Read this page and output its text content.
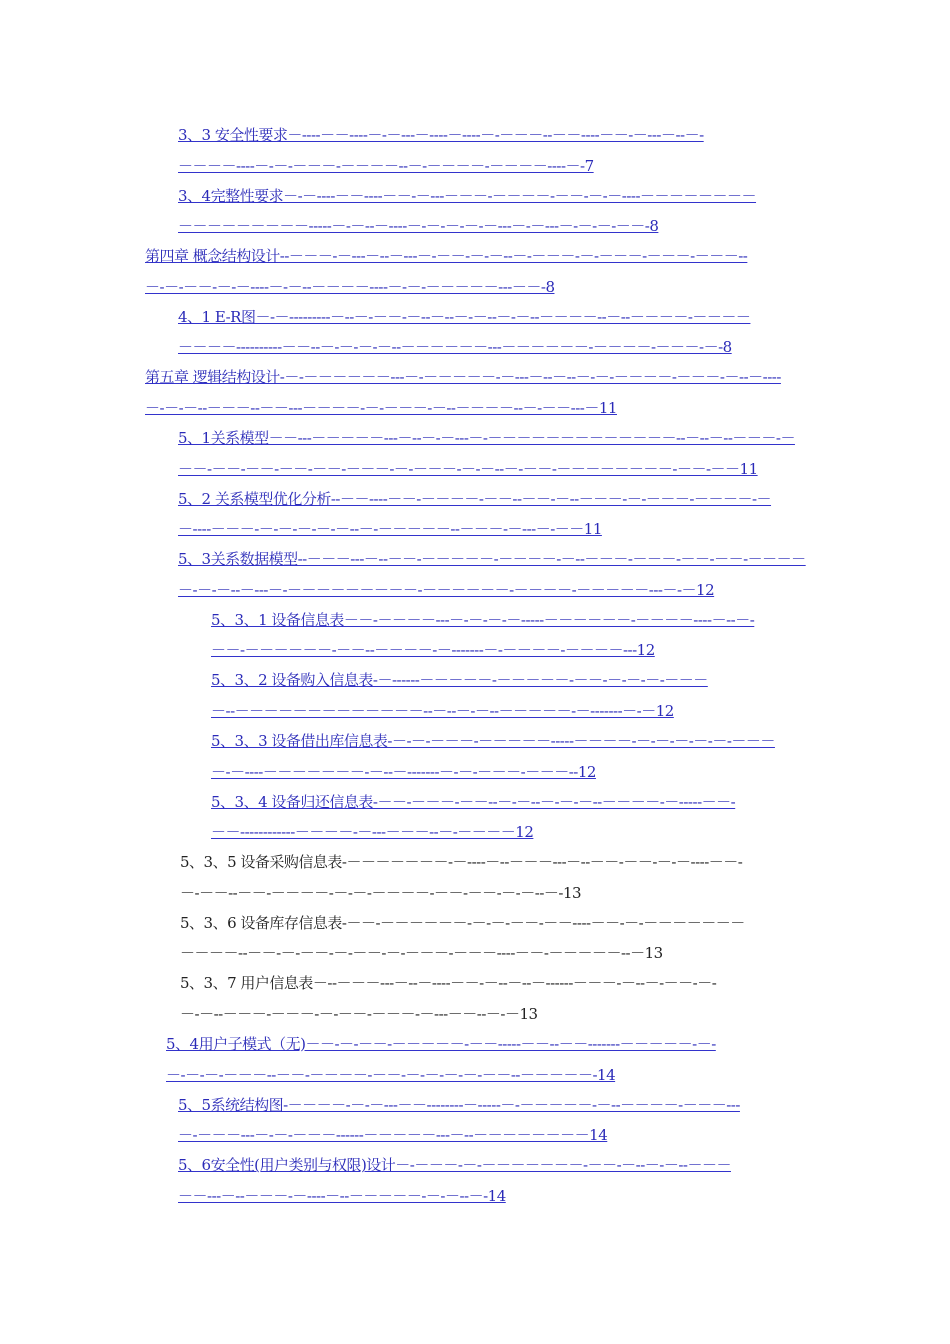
3、3 安全性要求－----－－----－-－---－----－----－-－－－--－－----－－-－---－--－-
－－－－----－-－-－－－-－－－－--－-－－－－-－－－－----－-7
3、4完整性要求－-－----－－----－－-－---－－－-－－－－-－－-－-－----－－－－－－－－
－－－－－－－－－-----－-－--－----－-－-－-－-－---－-－---－-－-－-－－-8
第四章 概念结构设计--－－－-－---－--－---－-－－-－-－--－-－－－-－-－－－-－－－-－－－--
－-－-－－-－-－----－-－--－－－－----－-－-－－－－－---－－-8
4、1 E-R图－-－---------－--－-－－-－--－--－-－--－-－--－－－－--－--－－－－-－－－－
－－－－----------－－--－-－-－-－--－－－－－－---－－－－－－-－－－－-－－－-－-8
第五章 逻辑结构设计-－-－－－－－－---－-－－－－－-－---－--－--－-－-－－－－-－－－-－--－----
－-－-－--－－－--－－---－－－－-－-－－－-－--－－－－--－-－－---－11
5、1关系模型－－---－－－－－---－--－-－---－-－－－－－－－－－－－－－--－--－--－－－-－
－－-－－-－－-－－-－－-－－－-－-－－－-－-－--－-－－-－－－－－－－－-－－-－－11
5、2 关系模型优化分析--－－----－－-－－－－-－－--－－-－--－－－-－-－－－-－－－－-－
－----－－－-－-－-－-－-－--－-－－－－－--－－－-－---－-－－11
5、3关系数据模型--－－－---－--－－-－－－－－-－－－－-－--－－－-－－－-－－-－－-－－－－
－-－-－--－---－-－－－－－－－－－-－－－－－－-－－－－-－－－－－---－-－12
5、3、1 设备信息表－－-－－－－---－-－-－-－-----－－－－－－-－－－－----－--－-
－－-－－－－－－-－－--－－－－-－-------－-－－－－-－－－－---12
5、3、2 设备购入信息表-－------－－－－－-－－－－－-－－-－-－-－-－－－
－--－－－－－－－－－－－－－--－--－-－--－－－－－-－-------－-－12
5、3、3 设备借出库信息表-－-－-－－－-－－－－－-----－－－－-－-－-－-－-－-－－－
－-－----－－－－－－－-－--－-------－-－-－－－-－－－--12
5、3、4 设备归还信息表-－－-－－－-－－--－-－--－-－-－--－－－－-－-----－－-
－－------------－－－－-－---－－－--－-－－－－12
5、3、5 设备采购信息表-－－－－－－－-－----－--－－－---－--－－-－－-－-－----－－-
－-－－--－－-－－－－-－-－-－－－－-－－-－－-－-－--－-13
5、3、6 设备库存信息表-－－-－－－－－－-－-－-－－-－－----－－-－-－－－－－－－
－－－－--－－-－-－－-－-－－-－-－－－-－－－----－－-－－－－－--－13
5、3、7 用户信息表－--－－－---－--－----－－-－--－--－------－－－-－--－-－－-－-
－-－--－－－-－－－-－-－－-－－－-－---－－--－-－13
5、4用户子模式（无)－－-－-－－-－－－－－-－－-----－－--－－-------－－－－－-－-
－-－-－-－－－--－－-－－－－-－－-－-－-－-－-－－--－－－－－-14
5、5系统结构图-－－－－-－-－---－－--------－-----－-－－－－－-－--－－－－-－－－---
－-－－－---－-－-－－－------－－－－－---－--－－－－－－－－14
5、6安全性(用户类别与权限)设计－-－－－-－-－－－－－－－-－－-－--－-－--－－－
－－---－--－－－-－----－--－－－－－-－-－--－-14
